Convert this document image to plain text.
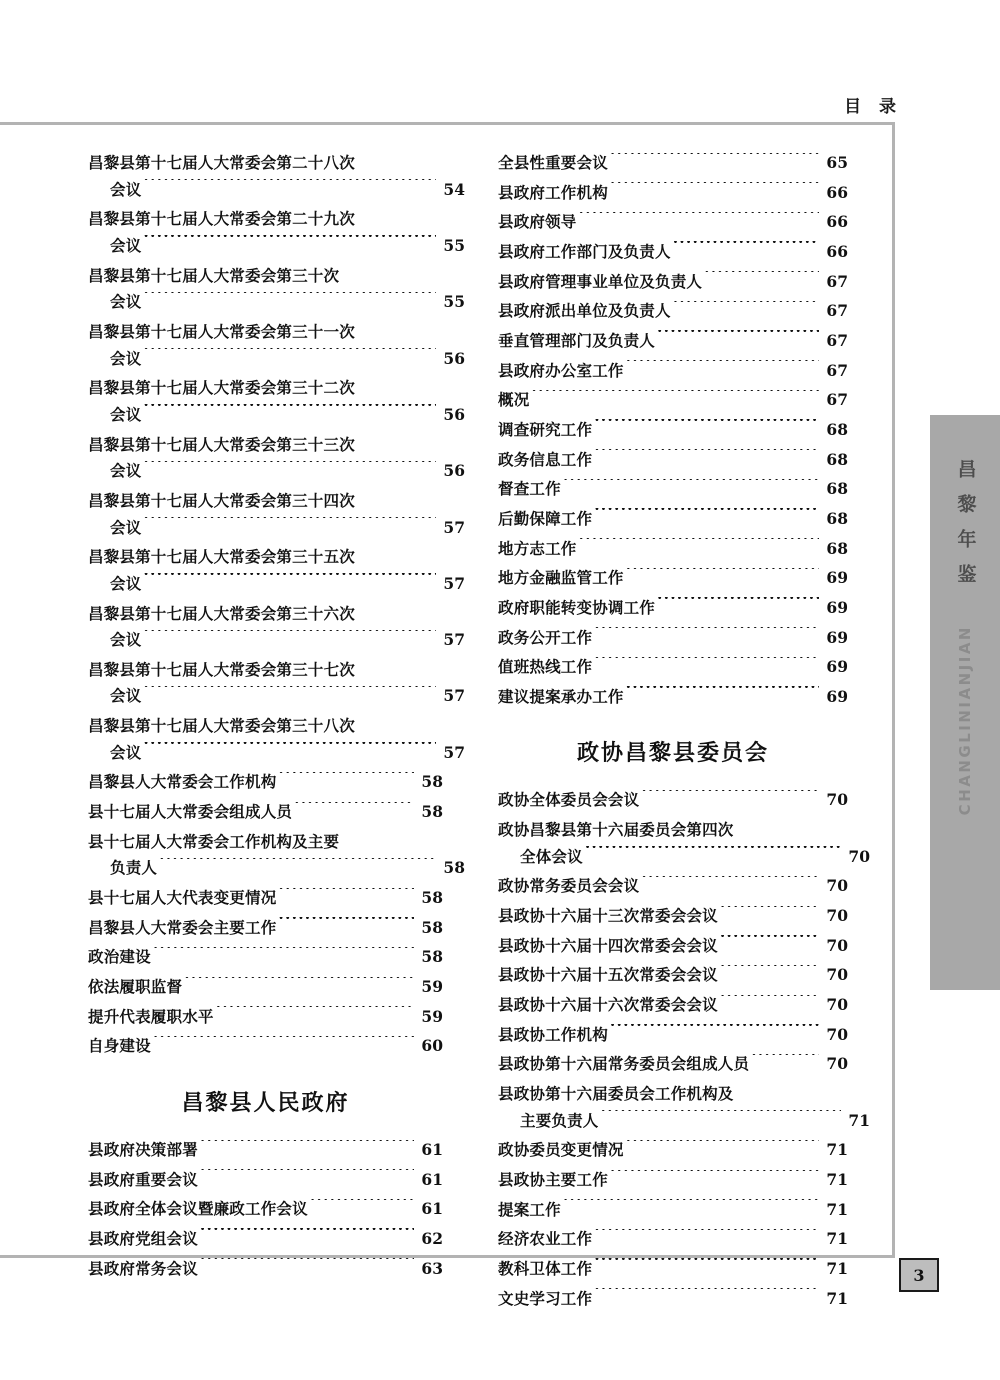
目 录
昌黎县第十七届人大常委会第二十八次
会议 ·····	54
昌黎县第十七届人大常委会第二十九次
会议 ·····	55
昌黎县第十七届人大常委会第三十次
会议 ·····	55
昌黎县第十七届人大常委会第三十一次
会议 ·····	56
昌黎县第十七届人大常委会第三十二次
会议 ·····	56
昌黎县第十七届人大常委会第三十三次
会议 ·····	56
昌黎县第十七届人大常委会第三十四次
会议 ·····	57
昌黎县第十七届人大常委会第三十五次
会议 ·····	57
昌黎县第十七届人大常委会第三十六次
会议 ·····	57
昌黎县第十七届人大常委会第三十七次
会议 ·····	57
昌黎县第十七届人大常委会第三十八次
会议 ·····	57
昌黎县人大常委会工作机构 ·····	58
县十七届人大常委会组成人员 ·····	58
县十七届人大常委会工作机构及主要
负责人 ·····	58
县十七届人大代表变更情况 ·····	58
昌黎县人大常委会主要工作 ·····	58
政治建设 ·····	58
依法履职监督 ·····	59
提升代表履职水平 ·····	59
自身建设 ·····	60
昌黎县人民政府
县政府决策部署 ·····	61
县政府重要会议 ·····	61
县政府全体会议暨廉政工作会议 ·····	61
县政府党组会议 ·····	62
县政府常务会议 ·····	63
全县性重要会议 ·····	65
县政府工作机构 ·····	66
县政府领导 ·····	66
县政府工作部门及负责人 ·····	66
县政府管理事业单位及负责人 ·····	67
县政府派出单位及负责人 ·····	67
垂直管理部门及负责人 ·····	67
县政府办公室工作 ·····	67
概况 ·····	67
调查研究工作 ·····	68
政务信息工作 ·····	68
督查工作 ·····	68
后勤保障工作 ·····	68
地方志工作 ·····	68
地方金融监管工作 ·····	69
政府职能转变协调工作 ·····	69
政务公开工作 ·····	69
值班热线工作 ·····	69
建议提案承办工作 ·····	69
政协昌黎县委员会
政协全体委员会会议 ·····	70
政协昌黎县第十六届委员会第四次
全体会议 ·····	70
政协常务委员会会议 ·····	70
县政协十六届十三次常委会会议 ·····	70
县政协十六届十四次常委会会议 ·····	70
县政协十六届十五次常委会会议 ·····	70
县政协十六届十六次常委会会议 ·····	70
县政协工作机构 ·····	70
县政协第十六届常务委员会组成人员 ·····	70
县政协第十六届委员会工作机构及
主要负责人 ·····	71
政协委员变更情况 ·····	71
县政协主要工作 ·····	71
提案工作 ·····	71
经济农业工作 ·····	71
教科卫体工作 ·····	71
文史学习工作 ·····	71
昌黎年鉴
CHANGLINIANJIAN
3
